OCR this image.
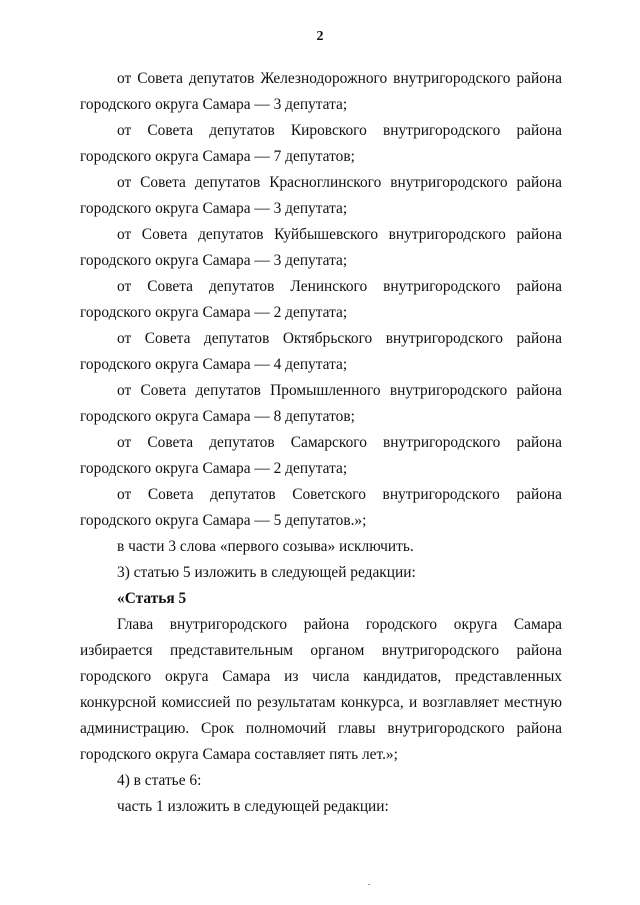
2

от Совета депутатов Железнодорожного внутригородского района городского округа Самара — 3 депутата;

от Совета депутатов Кировского внутригородского района городского округа Самара — 7 депутатов;

от Совета депутатов Красноглинского внутригородского района городского округа Самара — 3 депутата;

от Совета депутатов Куйбышевского внутригородского района городского округа Самара — 3 депутата;

от Совета депутатов Ленинского внутригородского района городского округа Самара — 2 депутата;

от Совета депутатов Октябрьского внутригородского района городского округа Самара — 4 депутата;

от Совета депутатов Промышленного внутригородского района городского округа Самара — 8 депутатов;

от Совета депутатов Самарского внутригородского района городского округа Самара — 2 депутата;

от Совета депутатов Советского внутригородского района городского округа Самара — 5 депутатов.»;

в части 3 слова «первого созыва» исключить.

3) статью 5 изложить в следующей редакции:

«Статья 5

Глава внутригородского района городского округа Самара избирается представительным органом внутригородского района городского округа Самара из числа кандидатов, представленных конкурсной комиссией по результатам конкурса, и возглавляет местную администрацию. Срок полномочий главы внутригородского района городского округа Самара составляет пять лет.»;

4) в статье 6:

часть 1 изложить в следующей редакции:
